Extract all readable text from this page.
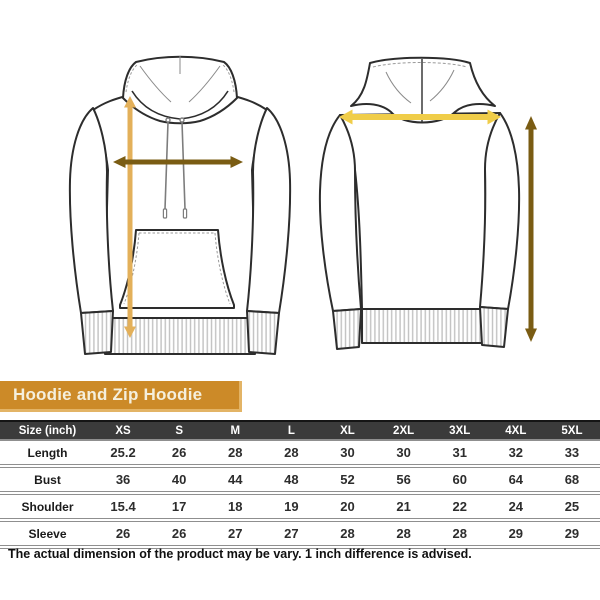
Hoodie and Zip Hoodie
Size (inch)	XS	S	M	L	XL	2XL	3XL	4XL	5XL
Length	25.2	26	28	28	30	30	31	32	33
Bust	36	40	44	48	52	56	60	64	68
Shoulder	15.4	17	18	19	20	21	22	24	25
Sleeve	26	26	27	27	28	28	28	29	29
The actual dimension of the product may be vary. 1 inch difference is advised.
